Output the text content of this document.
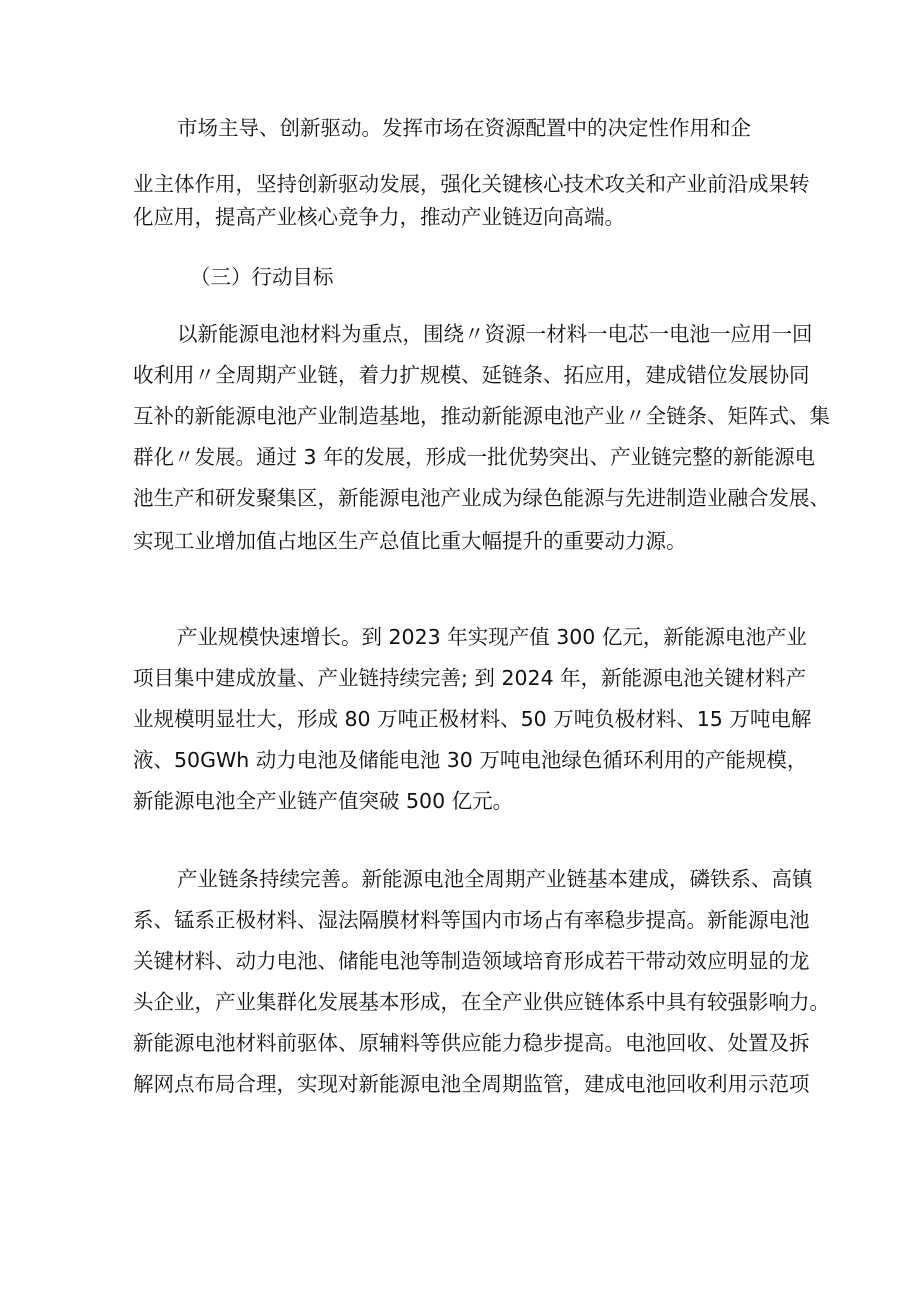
市场主导、创新驱动。发挥市场在资源配置中的决定性作用和企

业主体作用，坚持创新驱动发展，强化关键核心技术攻关和产业前沿成果转

化应用，提高产业核心竞争力，推动产业链迈向高端。

（三）行动目标

以新能源电池材料为重点，围绕〃资源一材料一电芯一电池一应用一回

收利用〃全周期产业链，着力扩规模、延链条、拓应用，建成错位发展协同

互补的新能源电池产业制造基地，推动新能源电池产业〃全链条、矩阵式、集

群化〃发展。通过 3 年的发展，形成一批优势突出、产业链完整的新能源电

池生产和研发聚集区，新能源电池产业成为绿色能源与先进制造业融合发展、

实现工业增加值占地区生产总值比重大幅提升的重要动力源。

产业规模快速增长。到 2023 年实现产值 300 亿元，新能源电池产业

项目集中建成放量、产业链持续完善; 到 2024 年，新能源电池关键材料产

业规模明显壮大，形成 80 万吨正极材料、50 万吨负极材料、15 万吨电解

液、50GWh 动力电池及储能电池 30 万吨电池绿色循环利用的产能规模，

新能源电池全产业链产值突破 500 亿元。

产业链条持续完善。新能源电池全周期产业链基本建成，磷铁系、高镇

系、锰系正极材料、湿法隔膜材料等国内市场占有率稳步提高。新能源电池

关键材料、动力电池、储能电池等制造领域培育形成若干带动效应明显的龙

头企业，产业集群化发展基本形成，在全产业供应链体系中具有较强影响力。

新能源电池材料前驱体、原辅料等供应能力稳步提高。电池回收、处置及拆

解网点布局合理，实现对新能源电池全周期监管，建成电池回收利用示范项
